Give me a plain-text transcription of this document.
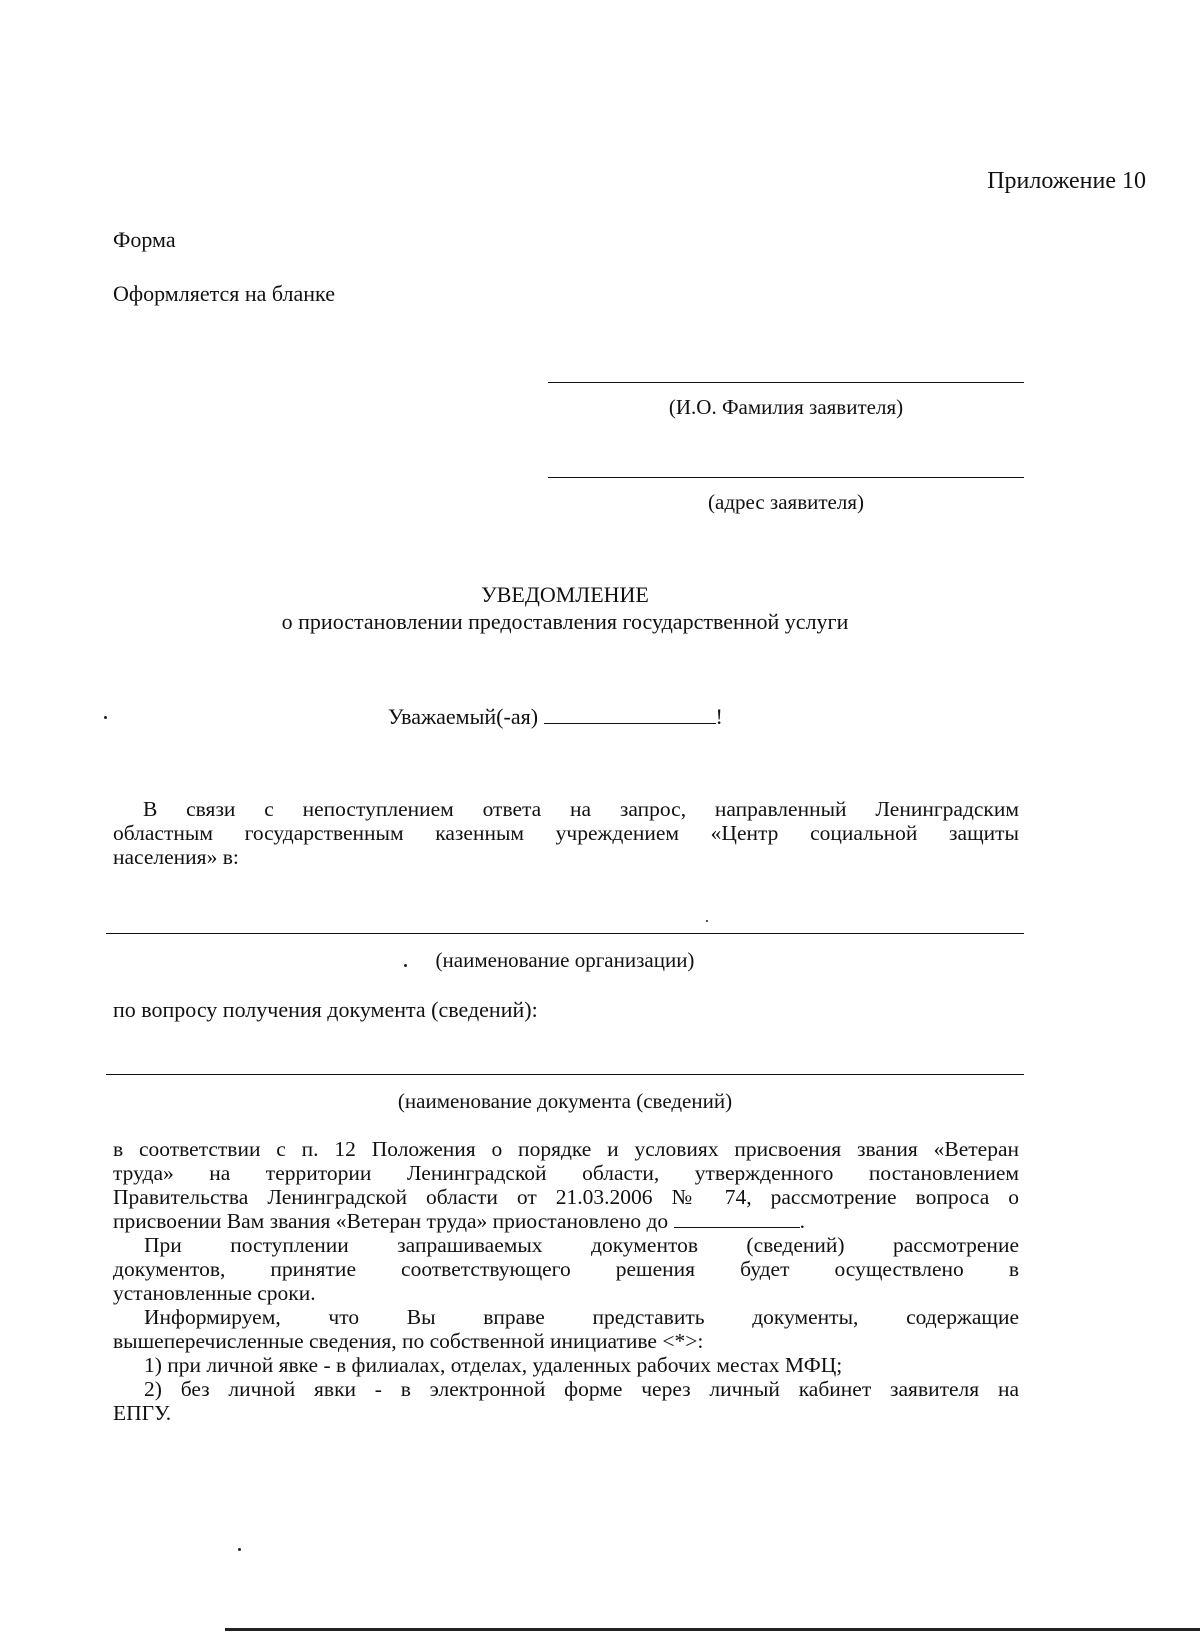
Приложение 10
Форма
Оформляется на бланке
(И.О. Фамилия заявителя)
(адрес заявителя)
УВЕДОМЛЕНИЕ
о приостановлении предоставления государственной услуги
Уважаемый(-ая)	!

В связи с непоступлением ответа на запрос, направленный Ленинградским

областным государственным казенным учреждением «Центр социальной защиты

населения» в:

(наименование организации)
по вопросу получения документа (сведений):
(наименование документа (сведений)

в соответствии с п. 12 Положения о порядке и условиях присвоения звания «Ветеран

труда» на территории Ленинградской области, утвержденного постановлением

Правительства Ленинградской области от 21.03.2006 № 74, рассмотрение вопроса о

присвоении Вам звания «Ветеран труда» приостановлено до	.

При поступлении запрашиваемых документов (сведений) рассмотрение

документов, принятие соответствующего решения будет осуществлено в

установленные сроки.

Информируем, что Вы вправе представить документы, содержащие

вышеперечисленные сведения, по собственной инициативе <*>:

1) при личной явке - в филиалах, отделах, удаленных рабочих местах МФЦ;

2) без личной явки - в электронной форме через личный кабинет заявителя на

ЕПГУ.
